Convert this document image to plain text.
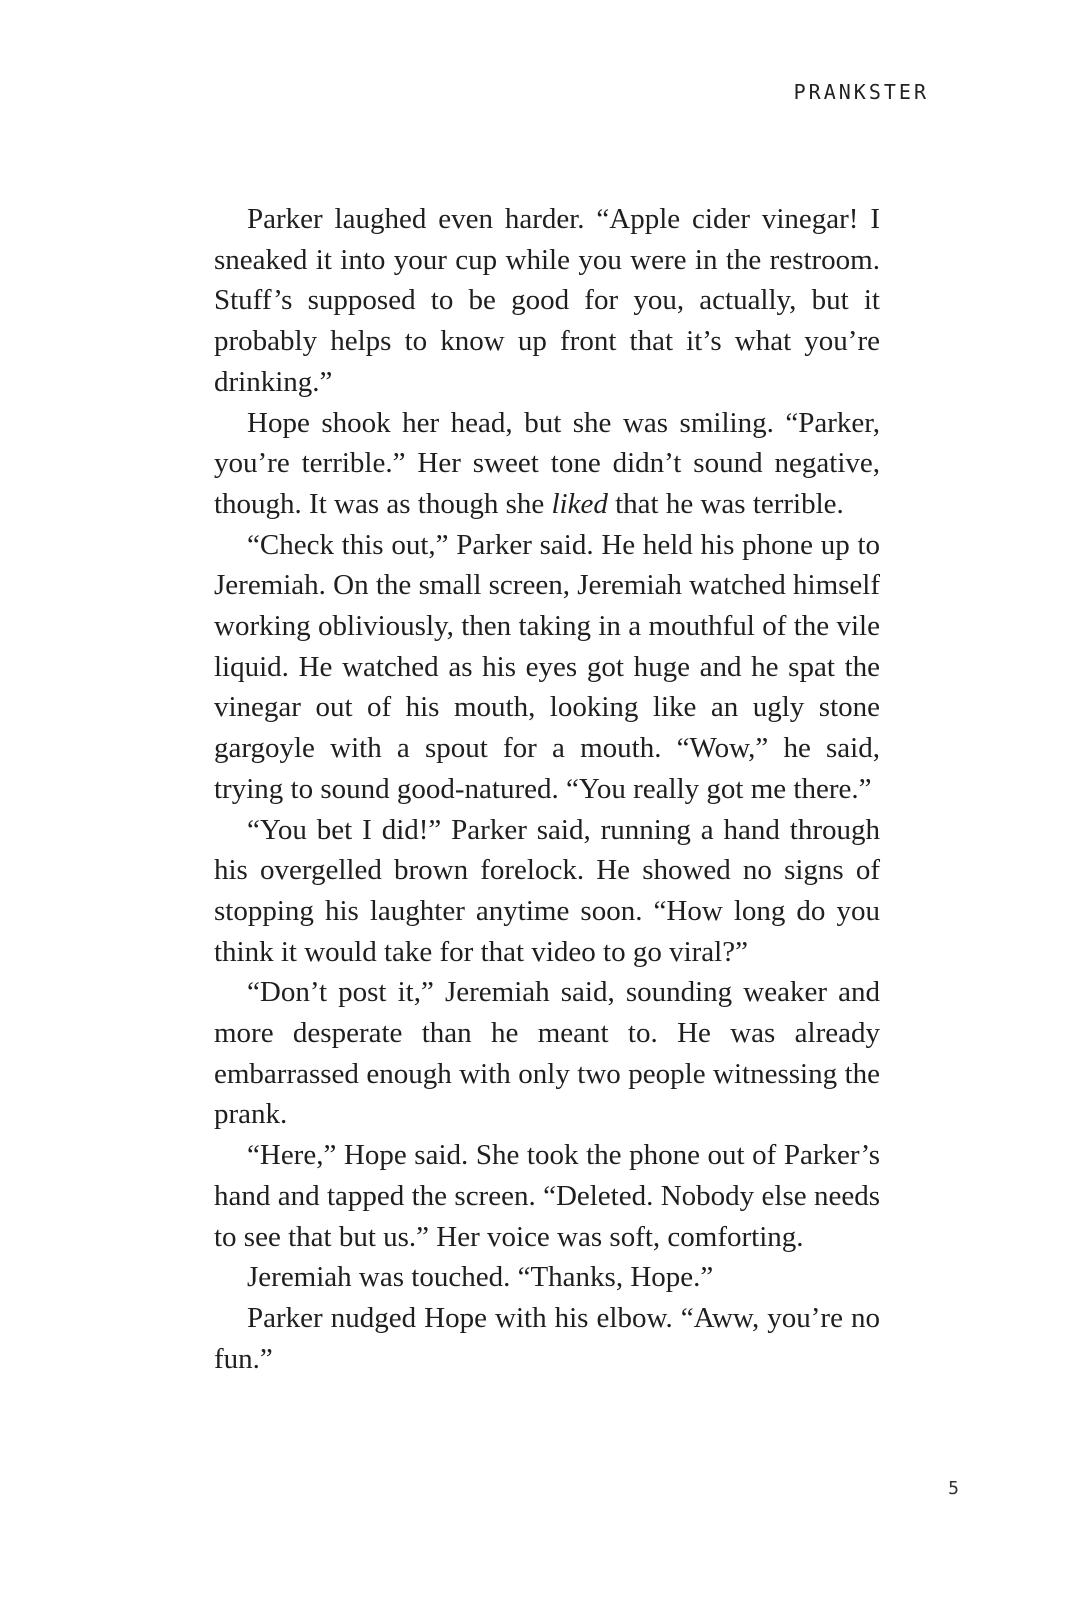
PRANKSTER

Parker laughed even harder. “Apple cider vinegar! I sneaked it into your cup while you were in the restroom. Stuff’s supposed to be good for you, actually, but it probably helps to know up front that it’s what you’re drinking.”

Hope shook her head, but she was smiling. “Parker, you’re terrible.” Her sweet tone didn’t sound negative, though. It was as though she liked that he was terrible.

“Check this out,” Parker said. He held his phone up to Jeremiah. On the small screen, Jeremiah watched himself working obliviously, then taking in a mouthful of the vile liquid. He watched as his eyes got huge and he spat the vinegar out of his mouth, looking like an ugly stone gargoyle with a spout for a mouth. “Wow,” he said, trying to sound good-natured. “You really got me there.”

“You bet I did!” Parker said, running a hand through his overgelled brown forelock. He showed no signs of stopping his laughter anytime soon. “How long do you think it would take for that video to go viral?”

“Don’t post it,” Jeremiah said, sounding weaker and more desperate than he meant to. He was already embarrassed enough with only two people witnessing the prank.

“Here,” Hope said. She took the phone out of Parker’s hand and tapped the screen. “Deleted. Nobody else needs to see that but us.” Her voice was soft, comforting.

Jeremiah was touched. “Thanks, Hope.”

Parker nudged Hope with his elbow. “Aww, you’re no fun.”

5
